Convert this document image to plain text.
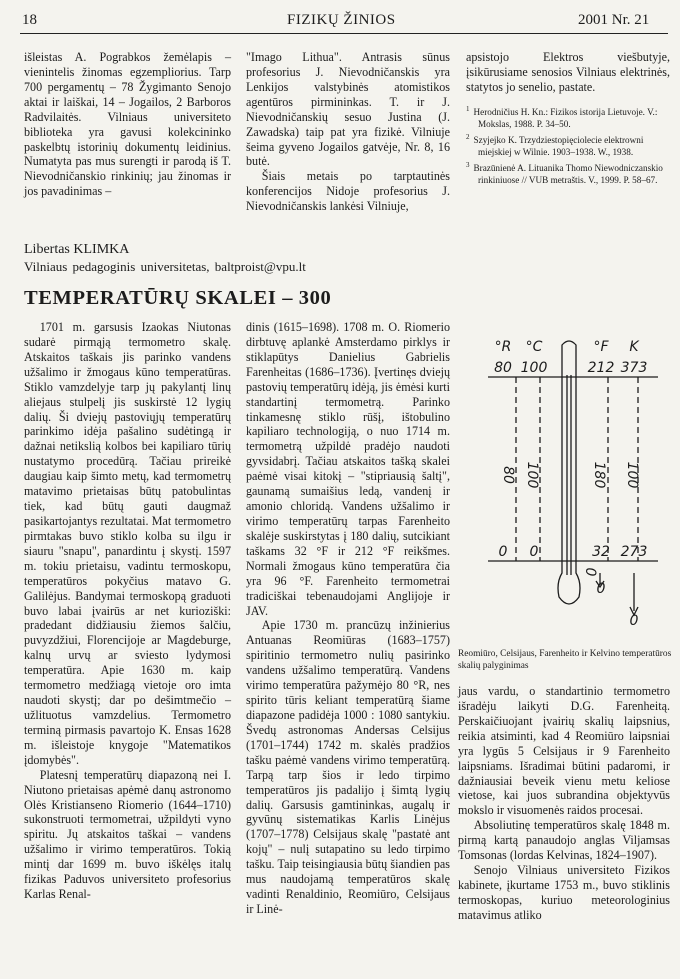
18	FIZIKŲ ŽINIOS	2001 Nr. 21

išleistas A. Pograbkos žemėlapis – vienintelis žinomas egzempliorius. Tarp 700 pergamentų – 78 Žygimanto Senojo aktai ir laiškai, 14 – Jogailos, 2 Barboros Radvilaitės. Vilniaus universiteto biblioteka yra gavusi kolekcininko paskelbtų istorinių dokumentų leidinius. Numatyta pas mus surengti ir parodą iš T. Nievodničanskio rinkinių; jau žinomas ir jos pavadinimas –

"Imago Lithua". Antrasis sūnus profesorius J. Nievodničanskis yra Lenkijos valstybinės atomistikos agentūros pirmininkas. T. ir J. Nievodničanskių sesuo Justina (J. Zawadska) taip pat yra fizikė. Vilniuje šeima gyveno Jogailos gatvėje, Nr. 8, 16 butė.

Šiais metais po tarptautinės konferencijos Nidoje profesorius J. Nievodničanskis lankėsi Vilniuje,

apsistojo Elektros viešbutyje, įsikūrusiame senosios Vilniaus elektrinės, statytos jo senelio, pastate.

$^1$ Herodničius H. Kn.: Fizikos istorija Lietuvoje. V.: Mokslas, 1988. P. 34–50.

$^2$ Szyjejko K. Trzydziestopięciolecie elektrowni miejskiej w Wilnie. 1903–1938. W., 1938.

$^3$ Brazūnienė A. Lituanika Thomo Niewodniczanskio rinkiniuose // VUB metraštis. V., 1999. P. 58–67.

Libertas KLIMKA
Vilniaus pedagoginis universitetas, baltproist@vpu.lt
TEMPERATŪRŲ SKALEI – 300

1701 m. garsusis Izaokas Niutonas sudarė pirmąją termometro skalę. Atskaitos taškais jis parinko vandens užšalimo ir žmogaus kūno temperatūras. Stiklo vamzdelyje tarp jų pakylantį linų aliejaus stulpelį jis suskirstė 12 lygių dalių. Ši dviejų pastoviųjų temperatūrų parinkimo idėja pašalino sudėtingą ir dažnai netikslią kolbos bei kapiliaro tūrių nustatymo procedūrą. Tačiau prireikė daugiau kaip šimto metų, kad termometrų matavimo prietaisas būtų patobulintas tiek, kad būtų gauti daugmaž pasikartojantys rezultatai. Mat termometro pirmtakas buvo stiklo kolba su ilgu ir siauru "snapu", panardintu į skystį. 1597 m. tokiu prietaisu, vadintu termoskopu, temperatūros pokyčius matavo G. Galilėjus. Bandymai termoskopą graduoti buvo labai įvairūs ar net kurioziški: pradedant didžiausiu žiemos šalčiu, puvyzdžiui, Florencijoje ar Magdeburge, kalnų urvų ar sviesto lydymosi temperatūra. Apie 1630 m. kaip termometro medžiagą vietoje oro imta naudoti skystį; dar po dešimtmečio – užlituotus vamzdelius. Termometro terminą pirmasis pavartojo K. Ensas 1628 m. išleistoje knygoje "Matematikos įdomybės".

Platesnį temperatūrų diapazoną nei I. Niutono prietaisas apėmė danų astronomo Olės Kristianseno Riomerio (1644–1710) sukonstruoti termometrai, užpildyti vyno spiritu. Jų atskaitos taškai – vandens užšalimo ir virimo temperatūros. Tokią mintį dar 1699 m. buvo iškėlęs italų fizikas Paduvos universiteto profesorius Karlas Renal-

dinis (1615–1698). 1708 m. O. Riomerio dirbtuvę aplankė Amsterdamo pirklys ir stiklapūtys Danielius Gabrielis Farenheitas (1686–1736). Įvertinęs dviejų pastovių temperatūrų idėją, jis ėmėsi kurti standartinį termometrą. Parinko tinkamesnę stiklo rūšį, ištobulino kapiliaro technologiją, o nuo 1714 m. termometrą užpildė pradėjo naudoti gyvsidabrį. Tačiau atskaitos tašką skalei paėmė visai kitokį – "stipriausią šaltį", gaunamą sumaišius ledą, vandenį ir amonio chloridą. Vandens užšalimo ir virimo temperatūrų tarpas Farenheito skalėje suskirstytas į 180 dalių, sutcikiant taškams 32 °F ir 212 °F reikšmes. Normali žmogaus kūno temperatūra čia yra 96 °F. Farenheito termometrai tradiciškai tebenaudojami Anglijoje ir JAV.

Apie 1730 m. prancūzų inžinierius Antuanas Reomiūras (1683–1757) spiritinio termometro nulių pasirinko vandens užšalimo temperatūrą. Vandens virimo temperatūra pažymėjo 80 °R, nes spirito tūris keliant temperatūrą šiame diapazone padidėja 1000 : 1080 santykiu. Švedų astronomas Andersas Celsijus (1701–1744) 1742 m. skalės pradžios tašku paėmė vandens virimo temperatūrą. Tarpą tarp šios ir ledo tirpimo temperatūros jis padalijo į šimtą lygių dalių. Garsusis gamtininkas, augalų ir gyvūnų sistematikas Karlis Linėjus (1707–1778) Celsijaus skalę "pastatė ant kojų" – nulį sutapatino su ledo tirpimo tašku. Taip teisingiausia būtų šiandien pas mus naudojamą temperatūros skalę vadinti Renaldinio, Reomiūro, Celsijaus ir Linė-

jaus vardu, o standartinio termometro išradėju laikyti D.G. Farenheitą. Perskaičiuojant įvairių skalių laipsnius, reikia atsiminti, kad 4 Reomiūro laipsniai yra lygūs 5 Celsijaus ir 9 Farenheito laipsniams. Išradimai būtini padaromi, ir dažniausiai beveik vienu metu keliose vietose, kai juos subrandina objektyvūs mokslo ir visuomenės raidos procesai.

Absoliutinę temperatūros skalę 1848 m. pirmą kartą panaudojo anglas Viljamsas Tomsonas (lordas Kelvinas, 1824–1907).

Senojo Vilniaus universiteto Fizikos kabinete, įkurtame 1753 m., buvo stiklinis termoskopas, kuriuo meteorologinius matavimus atliko

°R °C	°F K
80 100	212 373
0 0	32 273
80 100	180 100
0
0
0
Reomiūro, Celsijaus, Farenheito ir Kelvino temperatūros skalių palyginimas
